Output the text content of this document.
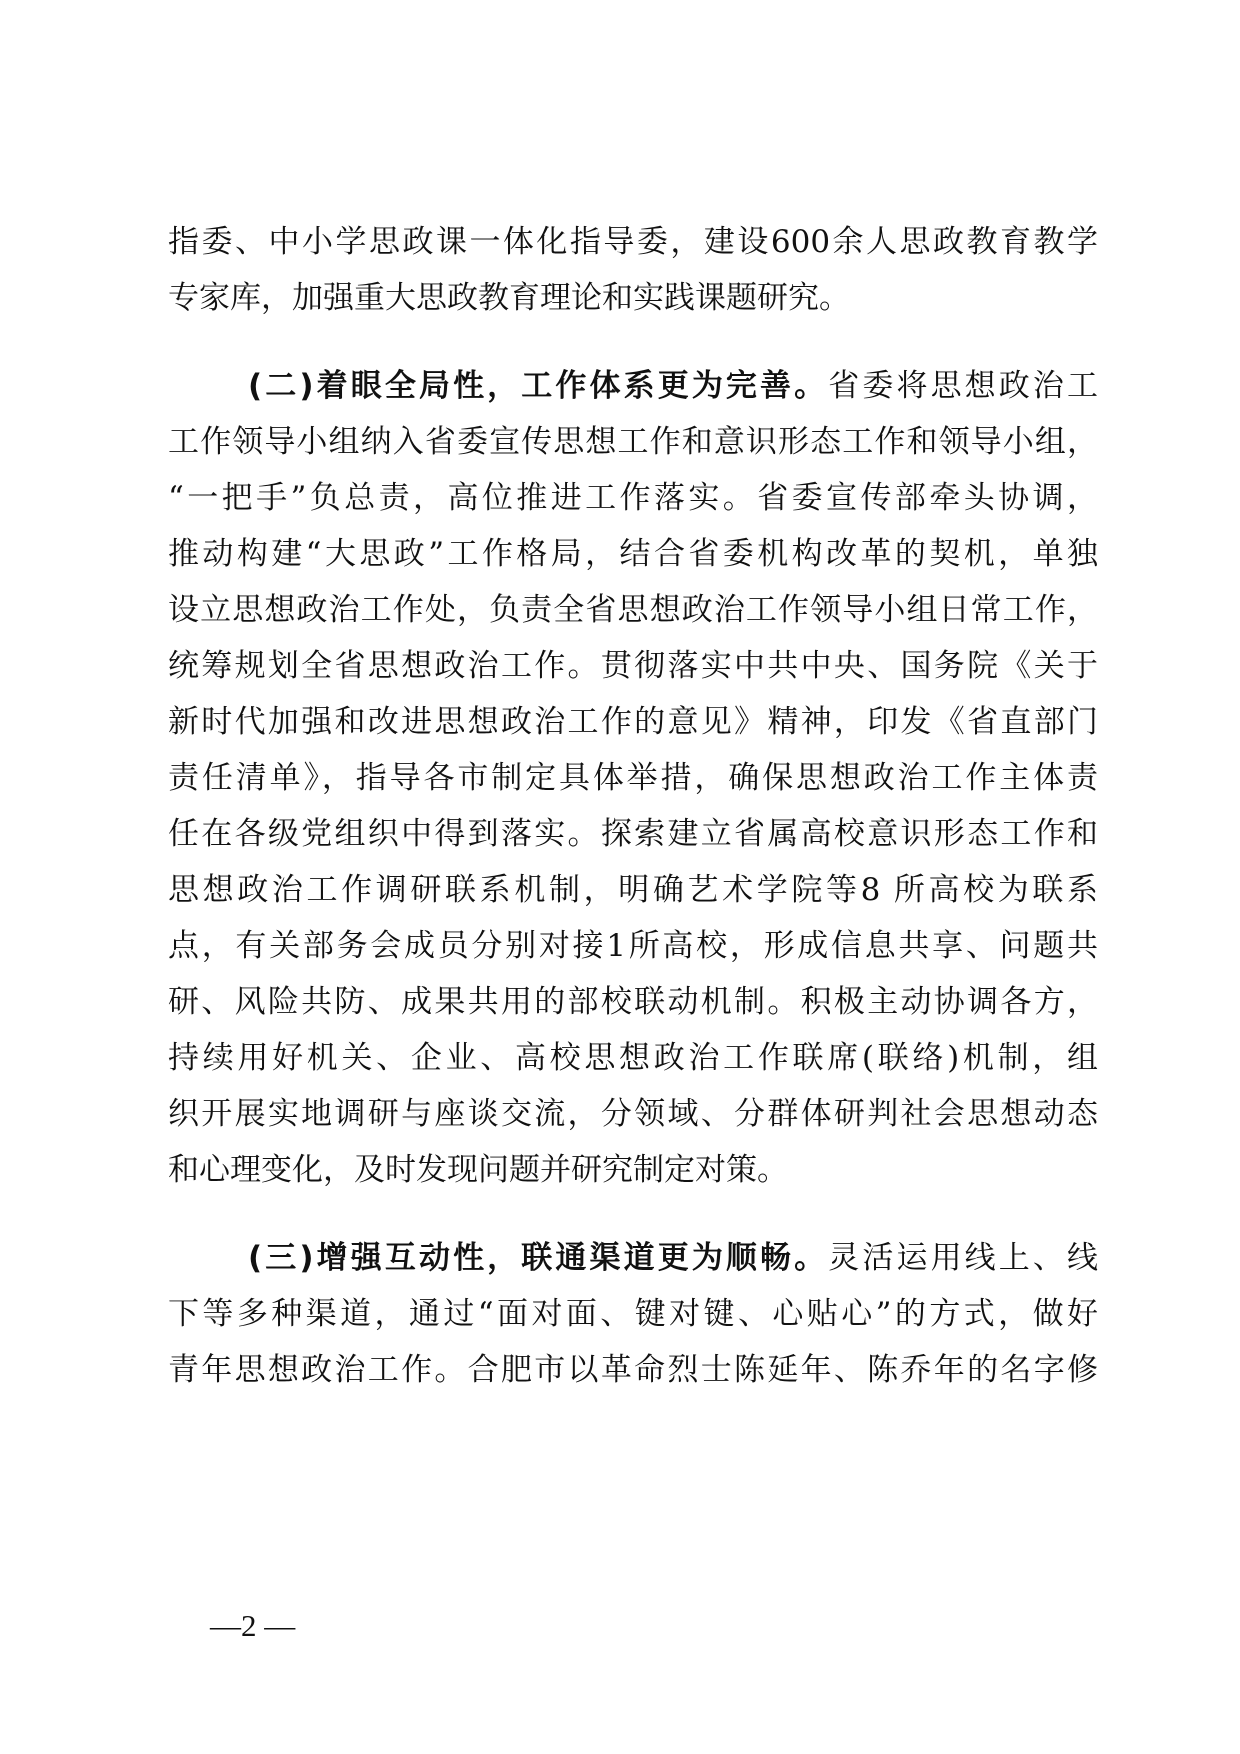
指委、中小学思政课一体化指导委，建设600余人思政教育教学
专家库，加强重大思政教育理论和实践课题研究。
(二)着眼全局性，工作体系更为完善。省委将思想政治工
工作领导小组纳入省委宣传思想工作和意识形态工作和领导小组，
“一把手”负总责，高位推进工作落实。省委宣传部牵头协调，
推动构建“大思政”工作格局，结合省委机构改革的契机，单独
设立思想政治工作处，负责全省思想政治工作领导小组日常工作，
统筹规划全省思想政治工作。贯彻落实中共中央、国务院《关于
新时代加强和改进思想政治工作的意见》精神，印发《省直部门
责任清单》，指导各市制定具体举措，确保思想政治工作主体责
任在各级党组织中得到落实。探索建立省属高校意识形态工作和
思想政治工作调研联系机制，明确艺术学院等8 所高校为联系
点，有关部务会成员分别对接1所高校，形成信息共享、问题共
研、风险共防、成果共用的部校联动机制。积极主动协调各方，
持续用好机关、企业、高校思想政治工作联席(联络)机制，组
织开展实地调研与座谈交流，分领域、分群体研判社会思想动态
和心理变化，及时发现问题并研究制定对策。
(三)增强互动性，联通渠道更为顺畅。灵活运用线上、线
下等多种渠道，通过“面对面、键对键、心贴心”的方式，做好
青年思想政治工作。合肥市以革命烈士陈延年、陈乔年的名字修
—2 —
